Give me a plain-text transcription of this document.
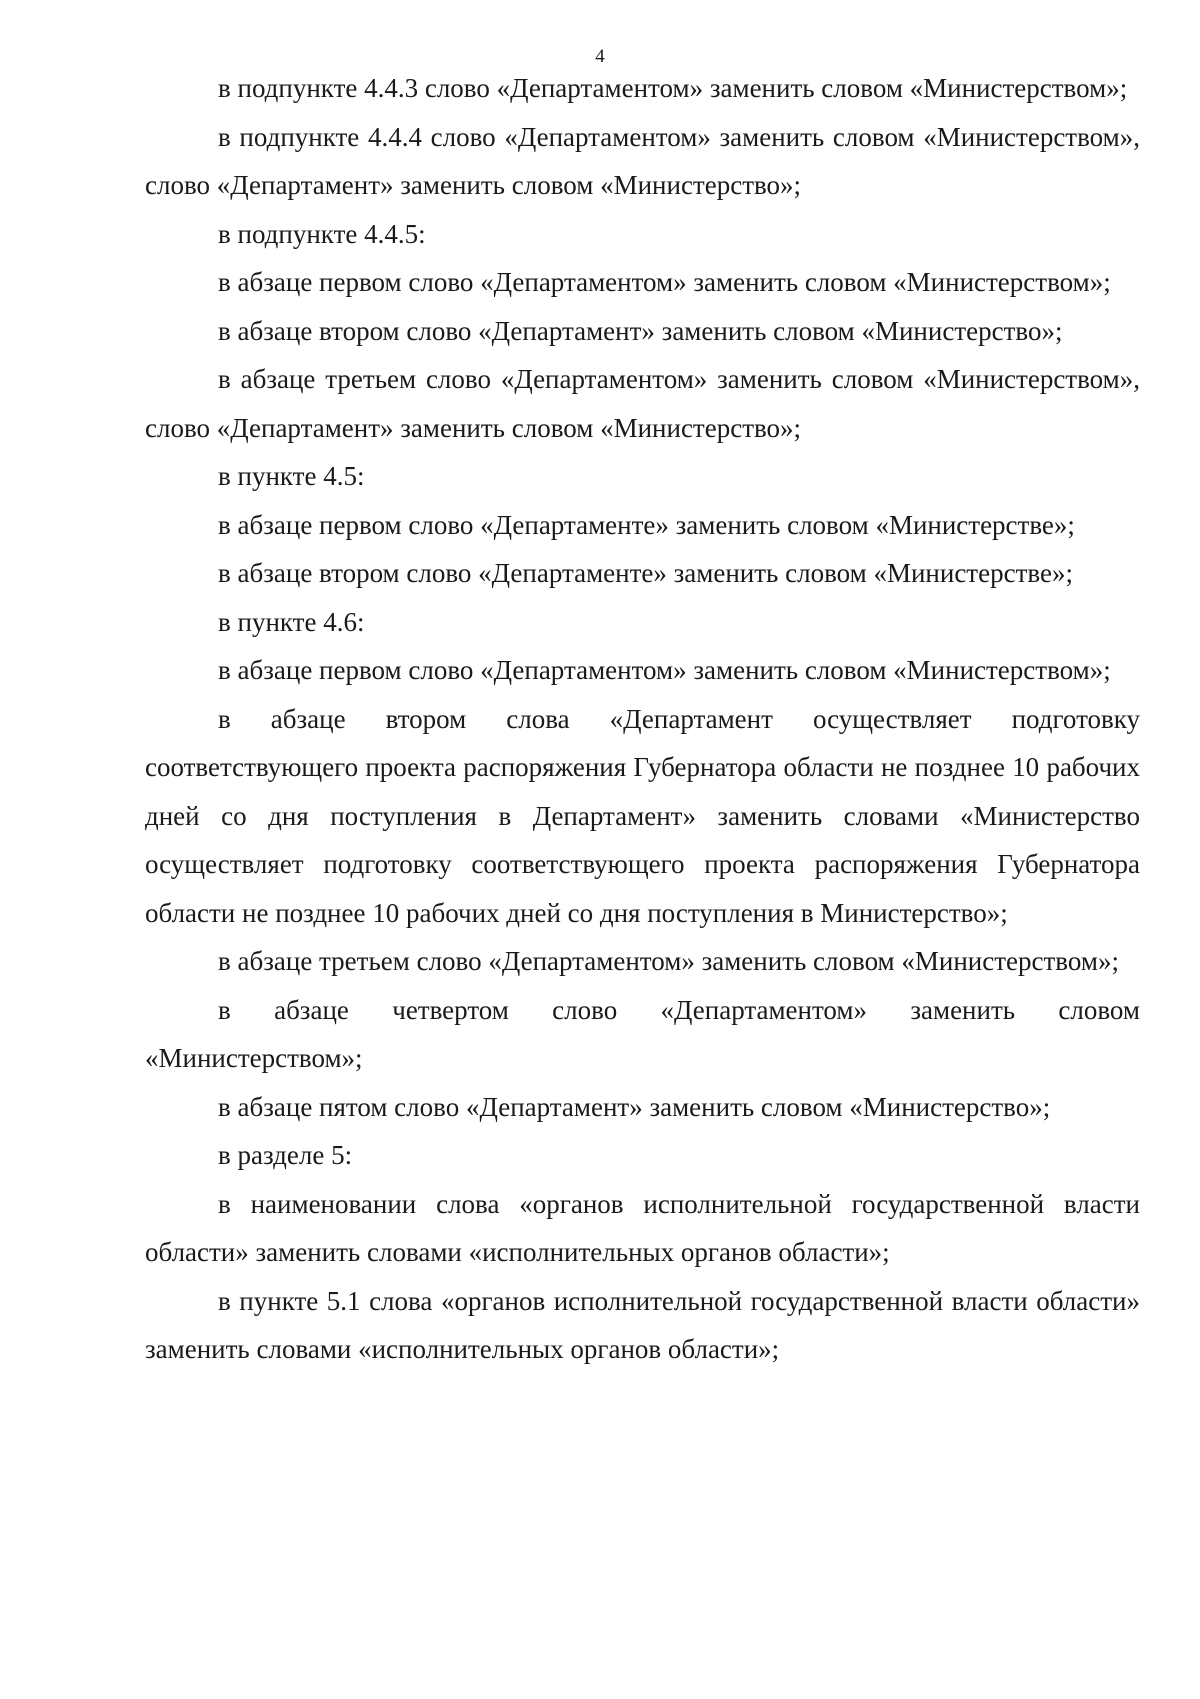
4

в подпункте 4.4.3 слово «Департаментом» заменить словом «Министерством»;

в подпункте 4.4.4 слово «Департаментом» заменить словом «Министерством», слово «Департамент» заменить словом «Министерство»;

в подпункте 4.4.5:

в абзаце первом слово «Департаментом» заменить словом «Министерством»;

в абзаце втором слово «Департамент» заменить словом «Министерство»;

в абзаце третьем слово «Департаментом» заменить словом «Министерством», слово «Департамент» заменить словом «Министерство»;

в пункте 4.5:

в абзаце первом слово «Департаменте» заменить словом «Министерстве»;

в абзаце втором слово «Департаменте» заменить словом «Министерстве»;

в пункте 4.6:

в абзаце первом слово «Департаментом» заменить словом «Министерством»;

в абзаце втором слова «Департамент осуществляет подготовку соответствующего проекта распоряжения Губернатора области не позднее 10 рабочих дней со дня поступления в Департамент» заменить словами «Министерство осуществляет подготовку соответствующего проекта распоряжения Губернатора области не позднее 10 рабочих дней со дня поступления в Министерство»;

в абзаце третьем слово «Департаментом» заменить словом «Министерством»;

в абзаце четвертом слово «Департаментом» заменить словом «Министерством»;

в абзаце пятом слово «Департамент» заменить словом «Министерство»;

в разделе 5:

в наименовании слова «органов исполнительной государственной власти области» заменить словами «исполнительных органов области»;

в пункте 5.1 слова «органов исполнительной государственной власти области» заменить словами «исполнительных органов области»;
